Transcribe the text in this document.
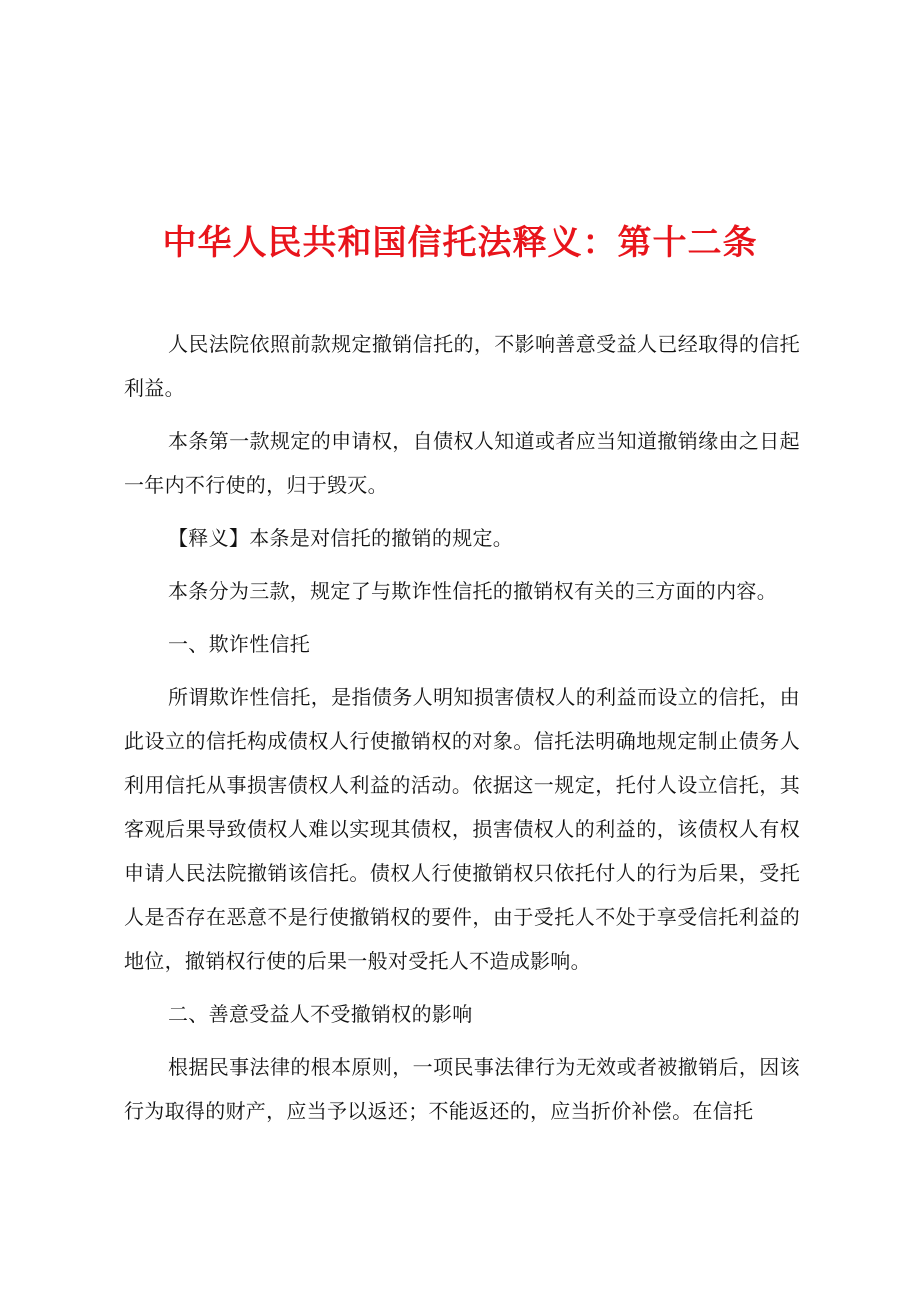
中华人民共和国信托法释义：第十二条

人民法院依照前款规定撤销信托的，不影响善意受益人已经取得的信托利益。

本条第一款规定的申请权，自债权人知道或者应当知道撤销缘由之日起一年内不行使的，归于毁灭。

【释义】本条是对信托的撤销的规定。

本条分为三款，规定了与欺诈性信托的撤销权有关的三方面的内容。

一、欺诈性信托

所谓欺诈性信托，是指债务人明知损害债权人的利益而设立的信托，由此设立的信托构成债权人行使撤销权的对象。信托法明确地规定制止债务人利用信托从事损害债权人利益的活动。依据这一规定，托付人设立信托，其客观后果导致债权人难以实现其债权，损害债权人的利益的，该债权人有权申请人民法院撤销该信托。债权人行使撤销权只依托付人的行为后果，受托人是否存在恶意不是行使撤销权的要件，由于受托人不处于享受信托利益的地位，撤销权行使的后果一般对受托人不造成影响。

二、善意受益人不受撤销权的影响

根据民事法律的根本原则，一项民事法律行为无效或者被撤销后，因该行为取得的财产，应当予以返还；不能返还的，应当折价补偿。在信托
